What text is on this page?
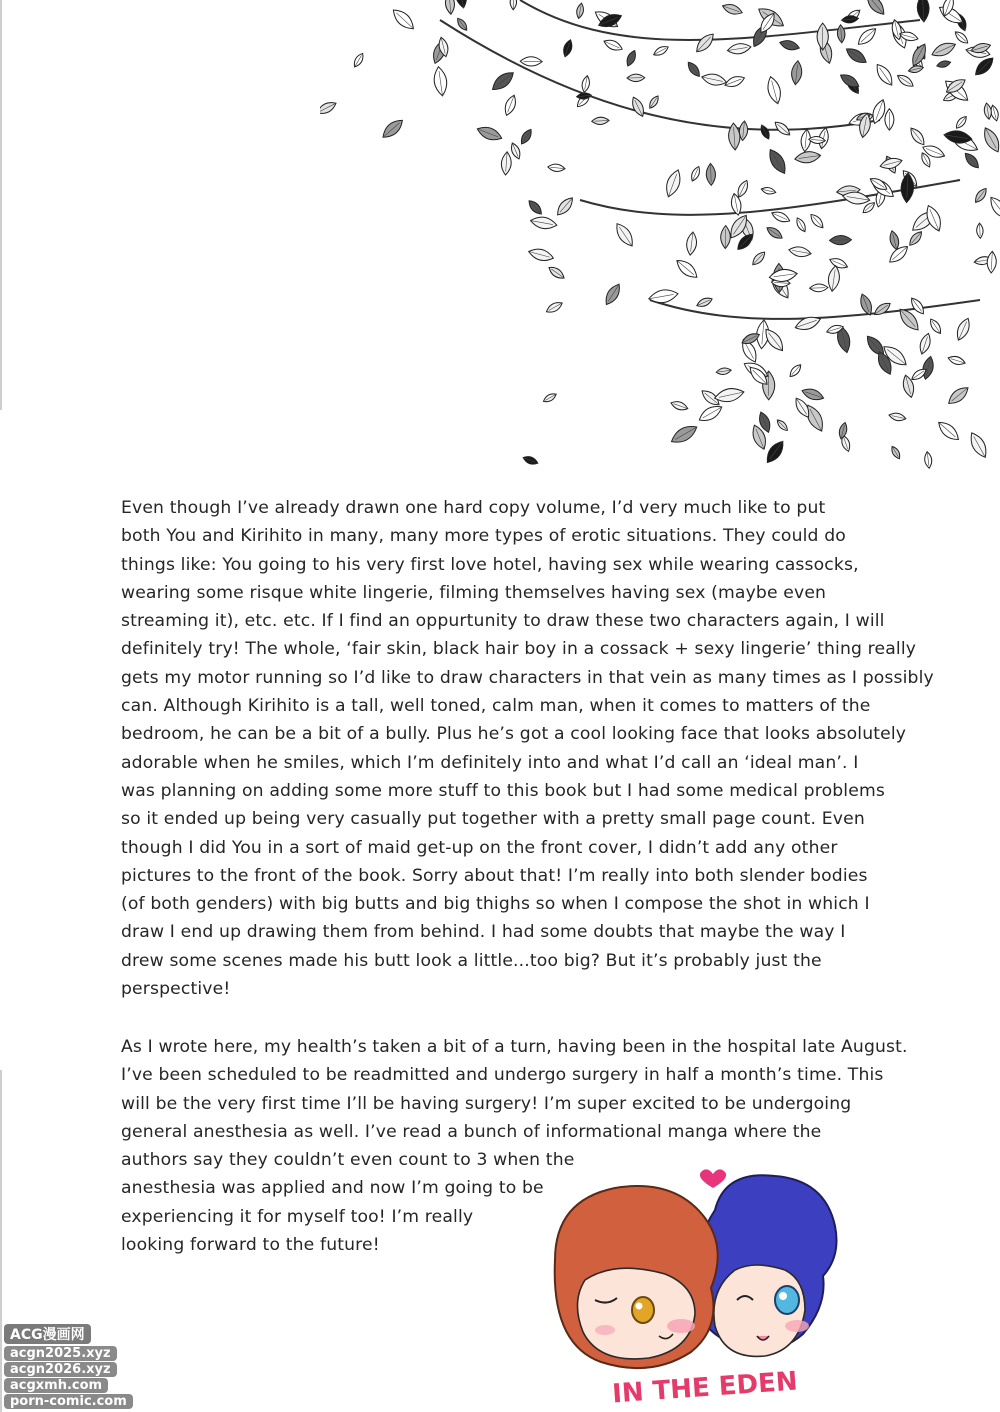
Even though I’ve already drawn one hard copy volume, I’d very much like to put
both You and Kirihito in many, many more types of erotic situations. They could do
things like: You going to his very first love hotel, having sex while wearing cassocks,
wearing some risque white lingerie, filming themselves having sex (maybe even
streaming it), etc. etc. If I find an oppurtunity to draw these two characters again, I will
definitely try! The whole, ‘fair skin, black hair boy in a cossack + sexy lingerie’ thing really
gets my motor running so I’d like to draw characters in that vein as many times as I possibly
can. Although Kirihito is a tall, well toned, calm man, when it comes to matters of the
bedroom, he can be a bit of a bully. Plus he’s got a cool looking face that looks absolutely
adorable when he smiles, which I’m definitely into and what I’d call an ‘ideal man’. I
was planning on adding some more stuff to this book but I had some medical problems
so it ended up being very casually put together with a pretty small page count. Even
though I did You in a sort of maid get-up on the front cover, I didn’t add any other
pictures to the front of the book. Sorry about that! I’m really into both slender bodies
(of both genders) with big butts and big thighs so when I compose the shot in which I
draw I end up drawing them from behind. I had some doubts that maybe the way I
drew some scenes made his butt look a little...too big? But it’s probably just the
perspective!
As I wrote here, my health’s taken a bit of a turn, having been in the hospital late August.
I’ve been scheduled to be readmitted and undergo surgery in half a month’s time. This
will be the very first time I’ll be having surgery! I’m super excited to be undergoing
general anesthesia as well. I’ve read a bunch of informational manga where the
authors say they couldn’t even count to 3 when the
anesthesia was applied and now I’m going to be
experiencing it for myself too! I’m really
looking forward to the future!
IN THE EDEN
ACG漫画网
acgn2025.xyz
acgn2026.xyz
acgxmh.com
porn-comic.com
